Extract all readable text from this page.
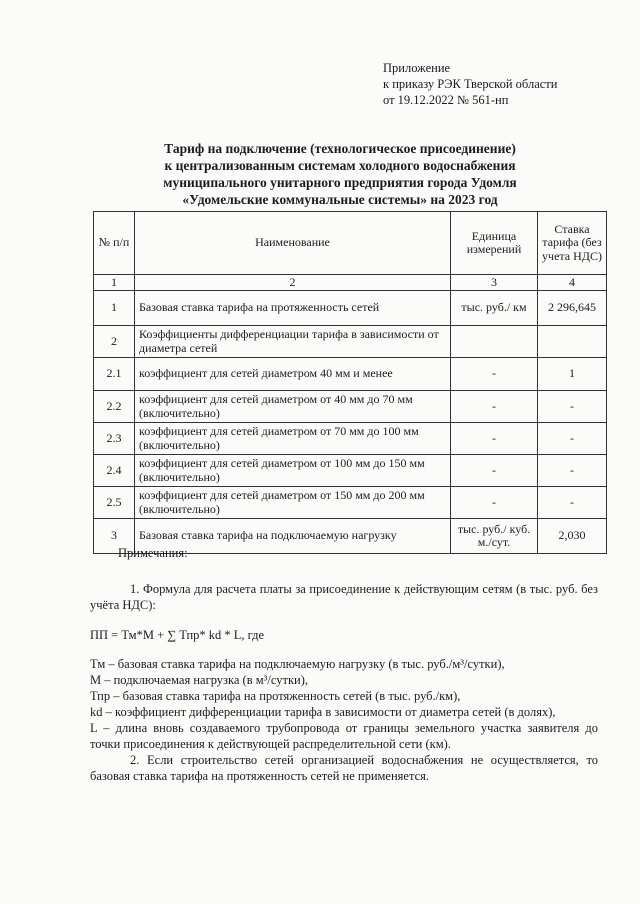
Приложение
к приказу РЭК Тверской области
от 19.12.2022 № 561-нп
Тариф на подключение (технологическое присоединение)
к централизованным системам холодного водоснабжения
муниципального унитарного предприятия города Удомля
«Удомельские коммунальные системы» на 2023 год
№ п/п	Наименование	Единица измерений	Ставка тарифа (без учета НДС)
1	2	3	4
1	Базовая ставка тарифа на протяженность сетей	тыс. руб./ км	2 296,645
2	Коэффициенты дифференциации тарифа в зависимости от диаметра сетей		
2.1	коэффициент для сетей диаметром 40 мм и менее	-	1
2.2	коэффициент для сетей диаметром от 40 мм до 70 мм (включительно)	-	-
2.3	коэффициент для сетей диаметром от 70 мм до 100 мм (включительно)	-	-
2.4	коэффициент для сетей диаметром от 100 мм до 150 мм (включительно)	-	-
2.5	коэффициент для сетей диаметром от 150 мм до 200 мм (включительно)	-	-
3	Базовая ставка тарифа на подключаемую нагрузку	тыс. руб./ куб. м./сут.	2,030
Примечания:

1. Формула для расчета платы за присоединение к действующим сетям (в тыс. руб. без учёта НДС):

ПП = Тм*М + ∑ Тпр* kd * L, где

Тм – базовая ставка тарифа на подключаемую нагрузку (в тыс. руб./м³/сутки),

М – подключаемая нагрузка (в м³/сутки),

Тпр – базовая ставка тарифа на протяженность сетей (в тыс. руб./км),

kd – коэффициент дифференциации тарифа в зависимости от диаметра сетей (в долях),

L – длина вновь создаваемого трубопровода от границы земельного участка заявителя до точки присоединения к действующей распределительной сети (км).

2. Если строительство сетей организацией водоснабжения не осуществляется, то базовая ставка тарифа на протяженность сетей не применяется.
